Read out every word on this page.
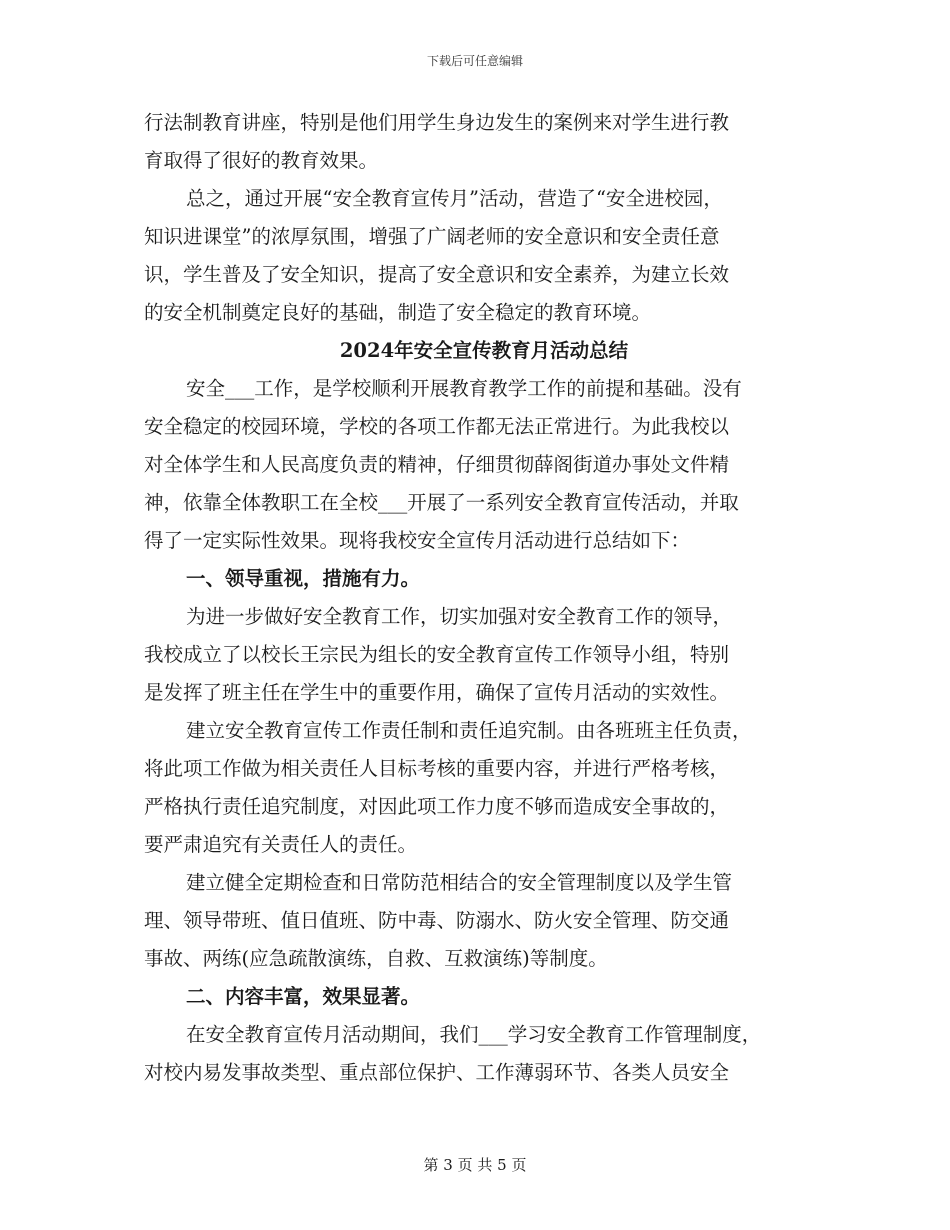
下载后可任意编辑
行法制教育讲座，特别是他们用学生身边发生的案例来对学生进行教
育取得了很好的教育效果。
总之，通过开展“安全教育宣传月”活动，营造了“安全进校园，
知识进课堂”的浓厚氛围，增强了广阔老师的安全意识和安全责任意
识，学生普及了安全知识，提高了安全意识和安全素养，为建立长效
的安全机制奠定良好的基础，制造了安全稳定的教育环境。
2024年安全宣传教育月活动总结
安全___工作，是学校顺利开展教育教学工作的前提和基础。没有
安全稳定的校园环境，学校的各项工作都无法正常进行。为此我校以
对全体学生和人民高度负责的精神，仔细贯彻薛阁街道办事处文件精
神，依靠全体教职工在全校___开展了一系列安全教育宣传活动，并取
得了一定实际性效果。现将我校安全宣传月活动进行总结如下：
一、领导重视，措施有力。
为进一步做好安全教育工作，切实加强对安全教育工作的领导，
我校成立了以校长王宗民为组长的安全教育宣传工作领导小组，特别
是发挥了班主任在学生中的重要作用，确保了宣传月活动的实效性。
建立安全教育宣传工作责任制和责任追究制。由各班班主任负责，
将此项工作做为相关责任人目标考核的重要内容，并进行严格考核，
严格执行责任追究制度，对因此项工作力度不够而造成安全事故的，
要严肃追究有关责任人的责任。
建立健全定期检查和日常防范相结合的安全管理制度以及学生管
理、领导带班、值日值班、防中毒、防溺水、防火安全管理、防交通
事故、两练(应急疏散演练，自救、互救演练)等制度。
二、内容丰富，效果显著。
在安全教育宣传月活动期间，我们___学习安全教育工作管理制度，
对校内易发事故类型、重点部位保护、工作薄弱环节、各类人员安全
第 3 页 共 5 页
